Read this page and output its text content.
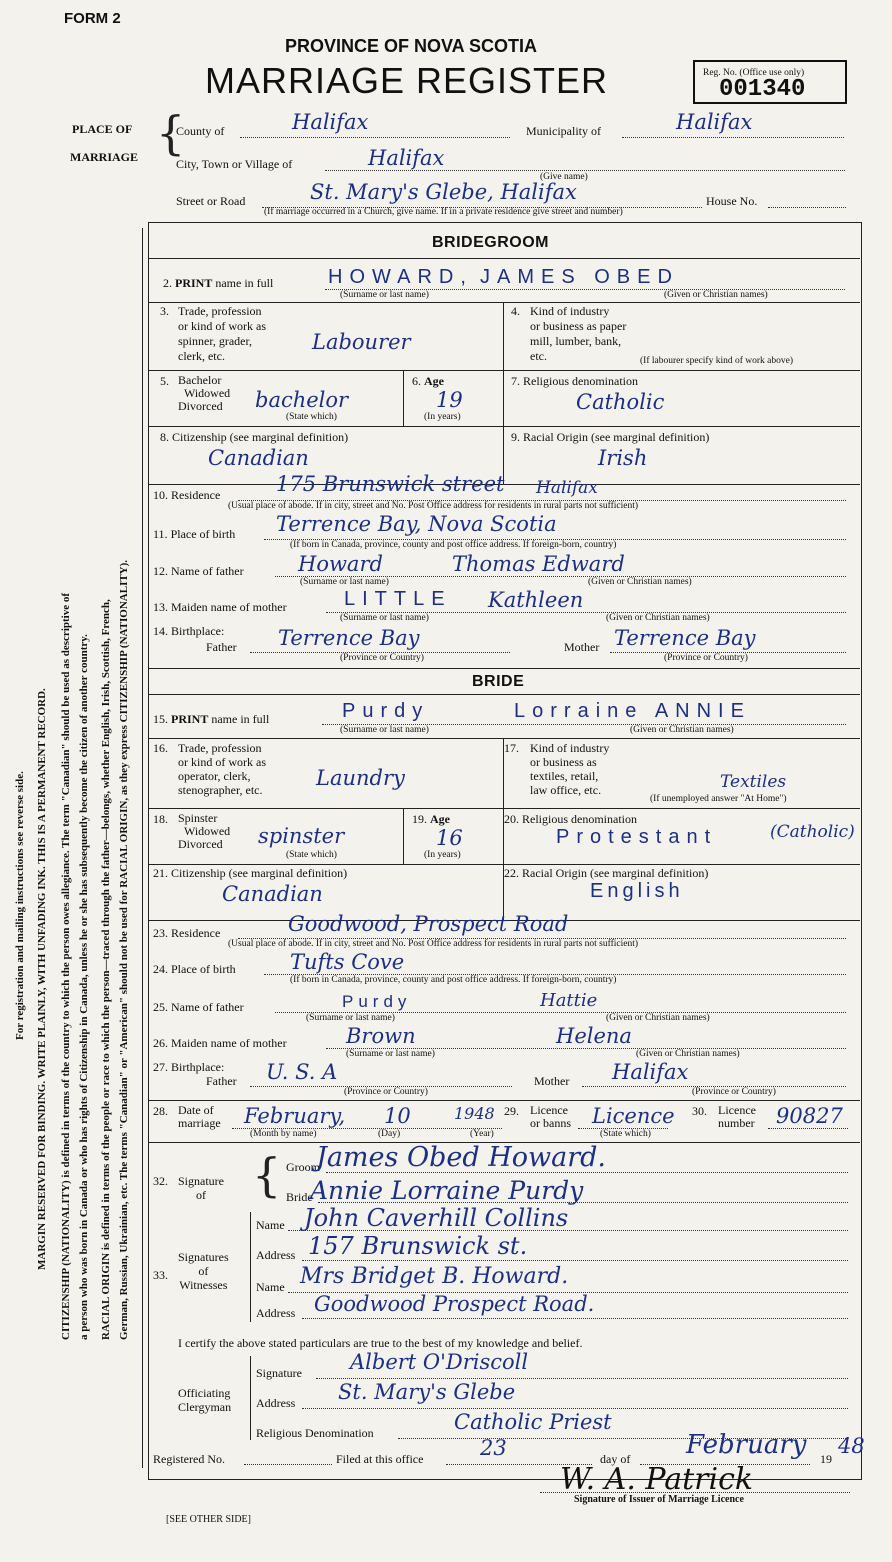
For registration and mailing instructions see reverse side. MARGIN RESERVED FOR BINDING. WRITE PLAINLY, WITH UNFADING INK. THIS IS A PERMANENT RECORD. CITIZENSHIP (NATIONALITY) is defined in terms of the country to which the person owes allegiance. The term "Canadian" should be used as descriptive of a person who was born in Canada or who has rights of Citizenship in Canada, unless he or she has subsequently become the citizen of another country. RACIAL ORIGIN is defined in terms of the people or race to which the person—traced through the father—belongs, whether English, Irish, Scottish, French, German, Russian, Ukrainian, etc. The terms "Canadian" or "American" should not be used for RACIAL ORIGIN, as they express CITIZENSHIP (NATIONALITY).
FORM 2
PROVINCE OF NOVA SCOTIA
MARRIAGE REGISTER	Reg. No. (Office use only)
001340
PLACE OF
MARRIAGE {
County of	Halifax	Municipality of	Halifax
City, Town or Village of	Halifax
(Give name)
Street or Road	St. Mary's Glebe, Halifax	House No.
(If marriage occurred in a Church, give name. If in a private residence give street and number)
BRIDEGROOM
2. PRINT name in full	HOWARD, JAMES OBED
(Surname or last name)	(Given or Christian names)
3. Trade, profession
or kind of work as
spinner, grader,
clerk, etc.
Labourer
4. Kind of industry
or business as paper
mill, lumber, bank,
etc.	(If labourer specify kind of work above)
5. Bachelor
Widowed
Divorced	bachelor
(State which)
6. Age
19
(In years)
7. Religious denomination
Catholic
8. Citizenship (see marginal definition)
Canadian
9. Racial Origin (see marginal definition)
Irish
10. Residence	175 Brunswick street Halifax
(Usual place of abode. If in city, street and No. Post Office address for residents in rural parts not sufficient)
11. Place of birth Terrence Bay, Nova Scotia
(If born in Canada, province, county and post office address. If foreign-born, country)
12. Name of father	Howard	Thomas Edward
(Surname or last name)	(Given or Christian names)
13. Maiden name of mother	LITTLE Kathleen
(Surname or last name)	(Given or Christian names)
14. Birthplace:
Father Terrence Bay	Mother Terrence Bay
(Province or Country)	(Province or Country)
BRIDE
15. PRINT name in full	Purdy	Lorraine ANNIE
(Surname or last name)	(Given or Christian names)
16. Trade, profession
or kind of work as
operator, clerk,
stenographer, etc.	Laundry
17. Kind of industry
or business as
textiles, retail,
law office, etc.	Textiles
(If unemployed answer "At Home")
18. Spinster
Widowed
Divorced	spinster
(State which)
19. Age
16
(In years)
20. Religious denomination
Protestant	(Catholic)
21. Citizenship (see marginal definition)
Canadian
22. Racial Origin (see marginal definition)
English
23. Residence	Goodwood, Prospect Road
(Usual place of abode. If in city, street and No. Post Office address for residents in rural parts not sufficient)
24. Place of birth	Tufts Cove
(If born in Canada, province, county and post office address. If foreign-born, country)
25. Name of father	Purdy	Hattie
(Surname or last name)	(Given or Christian names)
26. Maiden name of mother	Brown	Helena
(Surname or last name)	(Given or Christian names)
27. Birthplace:
Father U. S. A	Mother Halifax
(Province or Country)	(Province or Country)
28. Date of
marriage February, 10	1948
(Month by name)	(Day)	(Year)
29. Licence
or banns Licence
(State which)
30. Licence
number 90827
32. Signature
of	{ Groom
James Obed Howard.
Bride
Annie Lorraine Purdy
33.
Signatures
of
Witnesses
Name John Caverhill Collins
Address 157 Brunswick st.
Name Mrs Bridget B. Howard.
Address Goodwood Prospect Road.
I certify the above stated particulars are true to the best of my knowledge and belief.
Officiating
Clergyman
Signature Albert O'Driscoll
Address St. Mary's Glebe
Religious Denomination	Catholic Priest
Registered No.	Filed at this office	23	day of February 19
48
W. A. Patrick
Signature of Issuer of Marriage Licence
[SEE OTHER SIDE]
